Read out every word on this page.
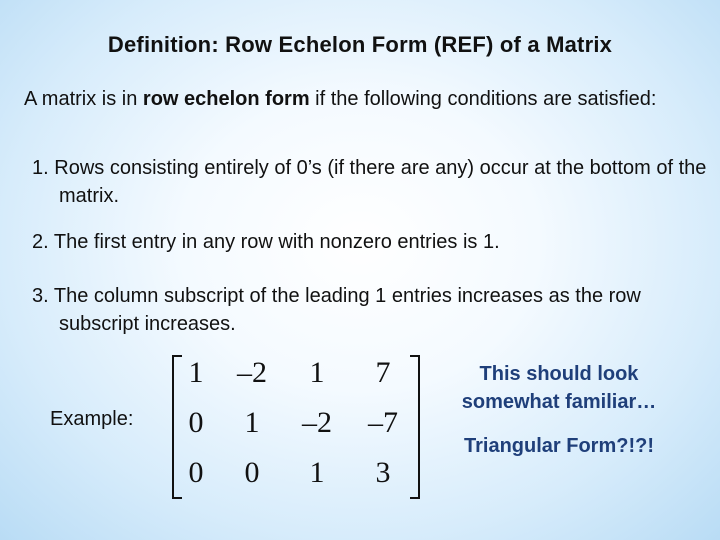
Definition: Row Echelon Form (REF) of a Matrix
A matrix is in row echelon form if the following conditions are satisfied:
1. Rows consisting entirely of 0’s (if there are any) occur at the bottom of the matrix.
2. The first entry in any row with nonzero entries is 1.
3. The column subscript of the leading 1 entries increases as the row subscript increases.
Example:
1	–2	1	7
0	1	–2	–7
0	0	1	3
This should look somewhat familiar…
Triangular Form?!?!
